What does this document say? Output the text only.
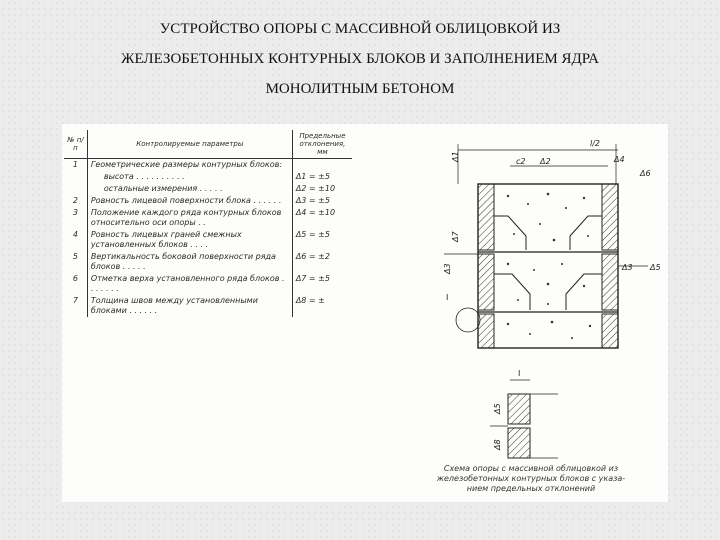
УСТРОЙСТВО ОПОРЫ С МАССИВНОЙ ОБЛИЦОВКОЙ ИЗ
ЖЕЛЕЗОБЕТОННЫХ КОНТУРНЫХ БЛОКОВ И ЗАПОЛНЕНИЕМ ЯДРА
МОНОЛИТНЫМ БЕТОНОМ
№ п/п	Контролируемые параметры	Предельные отклонения, мм
1	Геометрические размеры контурных блоков:	
	высота . . . . . . . . . .	Δ1 = ±5
	остальные измерения . . . . .	Δ2 = ±10
2	Ровность лицевой поверхности блока . . . . . .	Δ3 = ±5
3	Положение каждого ряда контурных блоков относительно оси опоры . .	Δ4 = ±10
4	Ровность лицевых граней смежных установленных блоков . . . .	Δ5 = ±5
5	Вертикальность боковой поверхности ряда блоков . . . . .	Δ6 = ±2
6	Отметка верха установленного ряда блоков . . . . . . .	Δ7 = ±5
7	Толщина швов между установленными блоками . . . . . .	Δ8 = ±
l/2
c2 Δ2	Δ4
Δ6
Δ1
Δ7
Δ3	Δ3 Δ5
I
I
Δ5
Δ8
Схема опоры с массивной облицовкой из
железобетонных контурных блоков с указа-
нием предельных отклонений
